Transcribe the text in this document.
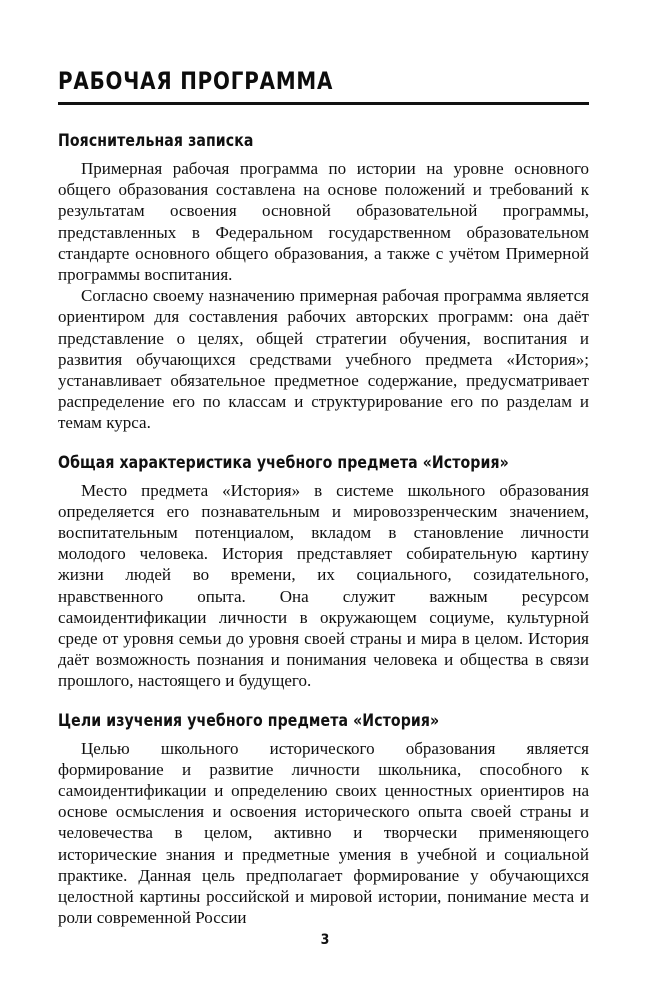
РАБОЧАЯ ПРОГРАММА
Пояснительная записка

Примерная рабочая программа по истории на уровне основного общего образования составлена на основе положений и требований к результатам освоения основной образовательной программы, представленных в Федеральном государственном образовательном стандарте основного общего образования, а также с учётом Примерной программы воспитания.

Согласно своему назначению примерная рабочая программа является ориентиром для составления рабочих авторских программ: она даёт представление о целях, общей стратегии обучения, воспитания и развития обучающихся средствами учебного предмета «История»; устанавливает обязательное предметное содержание, предусматривает распределение его по классам и структурирование его по разделам и темам курса.

Общая характеристика учебного предмета «История»

Место предмета «История» в системе школьного образования определяется его познавательным и мировоззренческим значением, воспитательным потенциалом, вкладом в становление личности молодого человека. История представляет собирательную картину жизни людей во времени, их социального, созидательного, нравственного опыта. Она служит важным ресурсом самоидентификации личности в окружающем социуме, культурной среде от уровня семьи до уровня своей страны и мира в целом. История даёт возможность познания и понимания человека и общества в связи прошлого, настоящего и будущего.

Цели изучения учебного предмета «История»

Целью школьного исторического образования является формирование и развитие личности школьника, способного к самоидентификации и определению своих ценностных ориентиров на основе осмысления и освоения исторического опыта своей страны и человечества в целом, активно и творчески применяющего исторические знания и предметные умения в учебной и социальной практике. Данная цель предполагает формирование у обучающихся целостной картины российской и мировой истории, понимание места и роли современной России

3
